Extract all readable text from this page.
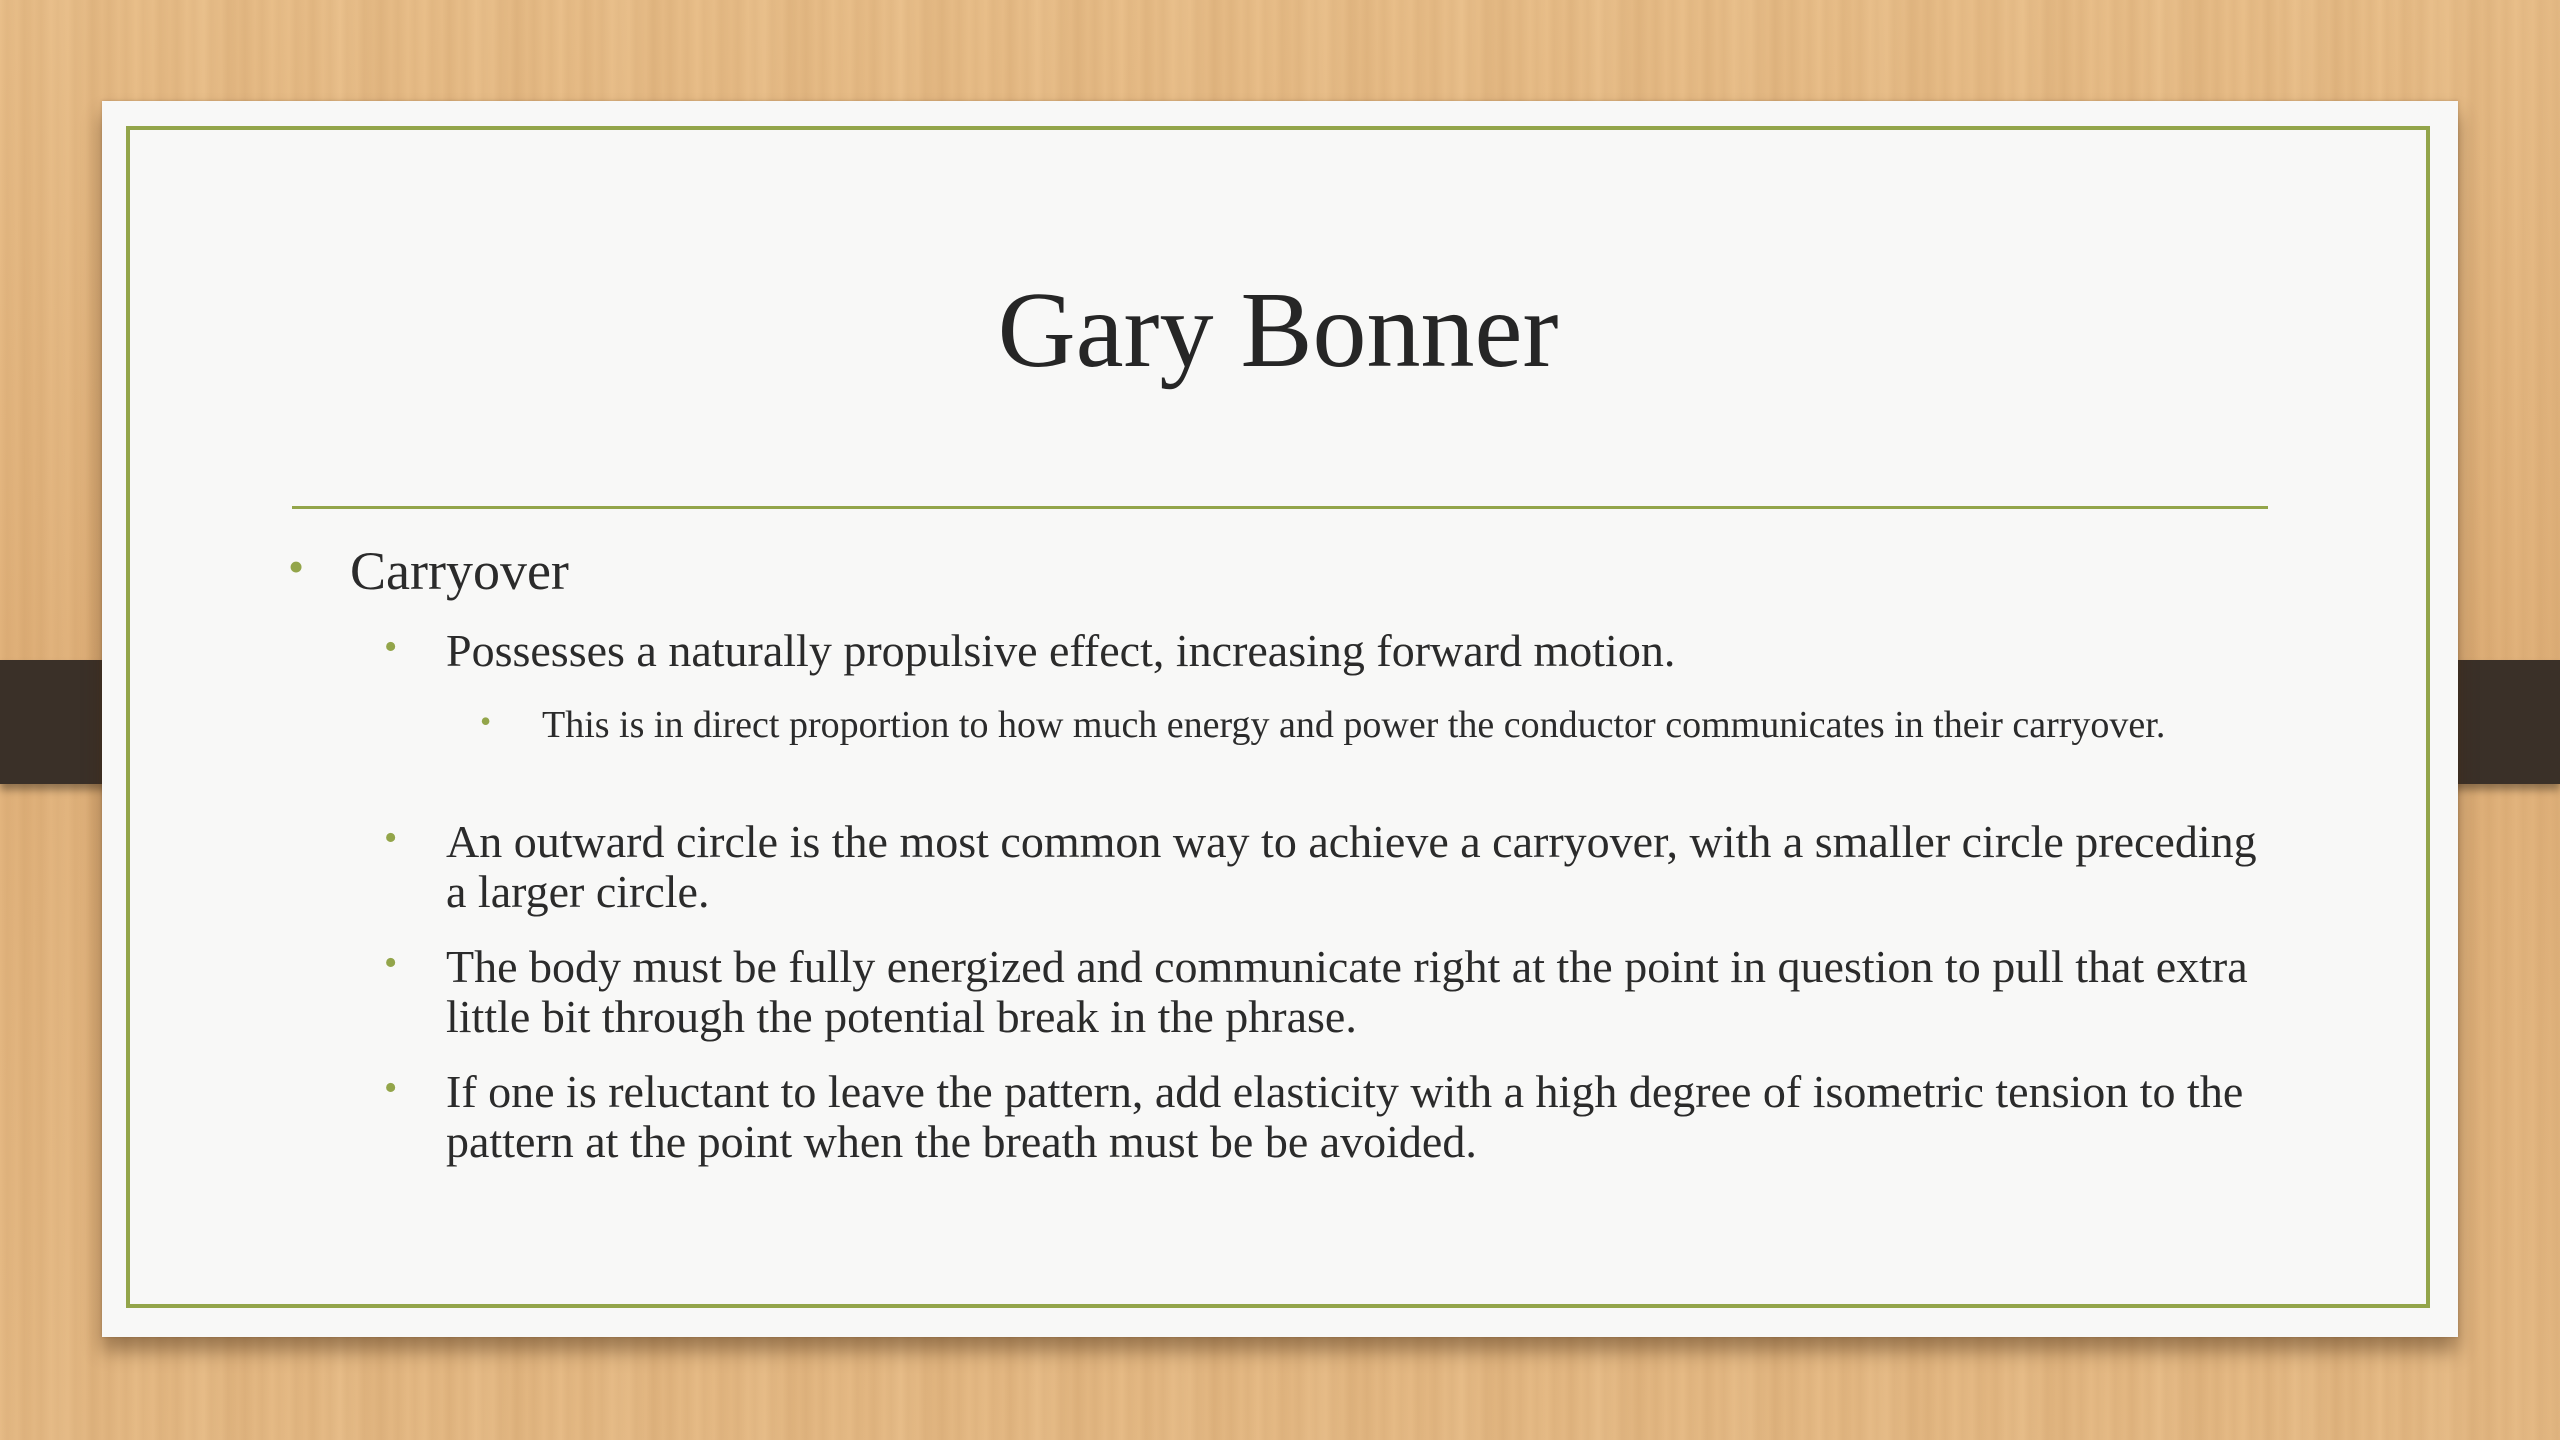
Gary Bonner
• Carryover
•	Possesses a naturally propulsive effect, increasing forward motion.
•	This is in direct proportion to how much energy and power the conductor communicates in their carryover.
•	An outward circle is the most common way to achieve a carryover, with a smaller circle preceding a larger circle.
•	The body must be fully energized and communicate right at the point in question to pull that extra little bit through the potential break in the phrase.
•	If one is reluctant to leave the pattern, add elasticity with a high degree of isometric tension to the pattern at the point when the breath must be be avoided.
